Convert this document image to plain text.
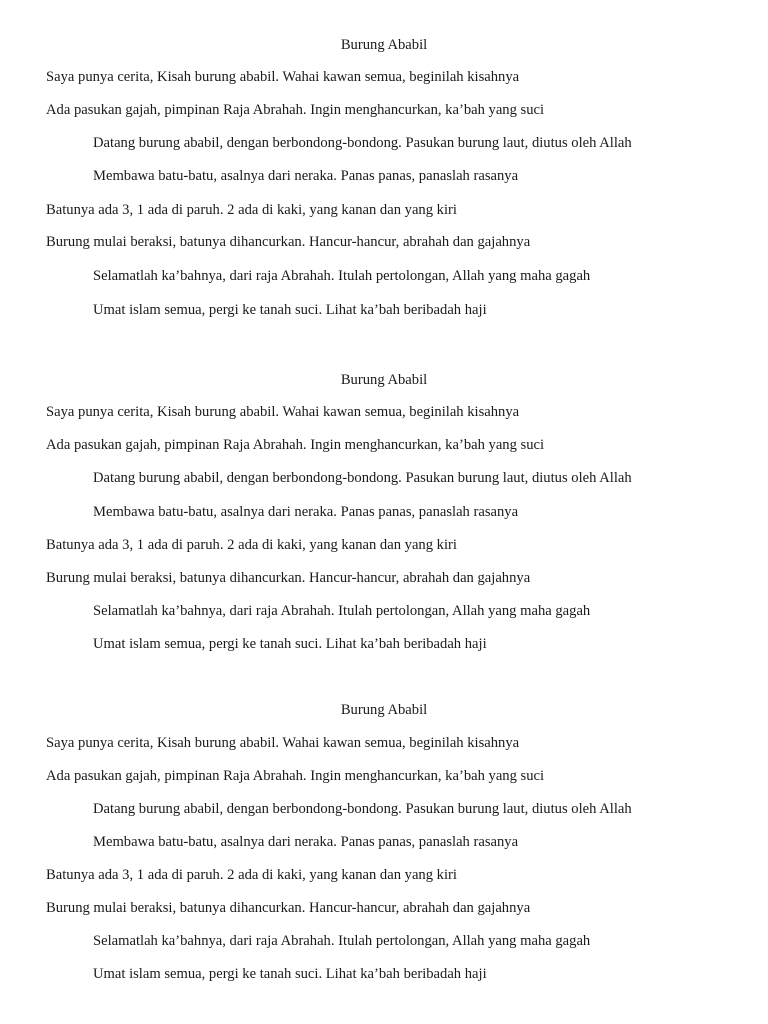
Burung Ababil
Saya punya cerita, Kisah burung ababil. Wahai kawan semua, beginilah kisahnya
Ada pasukan gajah, pimpinan Raja Abrahah. Ingin menghancurkan, ka’bah yang suci
Datang burung ababil, dengan berbondong-bondong. Pasukan burung laut, diutus oleh Allah
Membawa batu-batu, asalnya dari neraka. Panas panas, panaslah rasanya
Batunya ada 3, 1 ada di paruh. 2 ada di kaki, yang kanan dan yang kiri
Burung mulai beraksi, batunya dihancurkan. Hancur-hancur, abrahah dan gajahnya
Selamatlah ka’bahnya, dari raja Abrahah. Itulah pertolongan, Allah yang maha gagah
Umat islam semua, pergi ke tanah suci. Lihat ka’bah beribadah haji
Burung Ababil
Saya punya cerita, Kisah burung ababil. Wahai kawan semua, beginilah kisahnya
Ada pasukan gajah, pimpinan Raja Abrahah. Ingin menghancurkan, ka’bah yang suci
Datang burung ababil, dengan berbondong-bondong. Pasukan burung laut, diutus oleh Allah
Membawa batu-batu, asalnya dari neraka. Panas panas, panaslah rasanya
Batunya ada 3, 1 ada di paruh. 2 ada di kaki, yang kanan dan yang kiri
Burung mulai beraksi, batunya dihancurkan. Hancur-hancur, abrahah dan gajahnya
Selamatlah ka’bahnya, dari raja Abrahah. Itulah pertolongan, Allah yang maha gagah
Umat islam semua, pergi ke tanah suci. Lihat ka’bah beribadah haji
Burung Ababil
Saya punya cerita, Kisah burung ababil. Wahai kawan semua, beginilah kisahnya
Ada pasukan gajah, pimpinan Raja Abrahah. Ingin menghancurkan, ka’bah yang suci
Datang burung ababil, dengan berbondong-bondong. Pasukan burung laut, diutus oleh Allah
Membawa batu-batu, asalnya dari neraka. Panas panas, panaslah rasanya
Batunya ada 3, 1 ada di paruh. 2 ada di kaki, yang kanan dan yang kiri
Burung mulai beraksi, batunya dihancurkan. Hancur-hancur, abrahah dan gajahnya
Selamatlah ka’bahnya, dari raja Abrahah. Itulah pertolongan, Allah yang maha gagah
Umat islam semua, pergi ke tanah suci. Lihat ka’bah beribadah haji
